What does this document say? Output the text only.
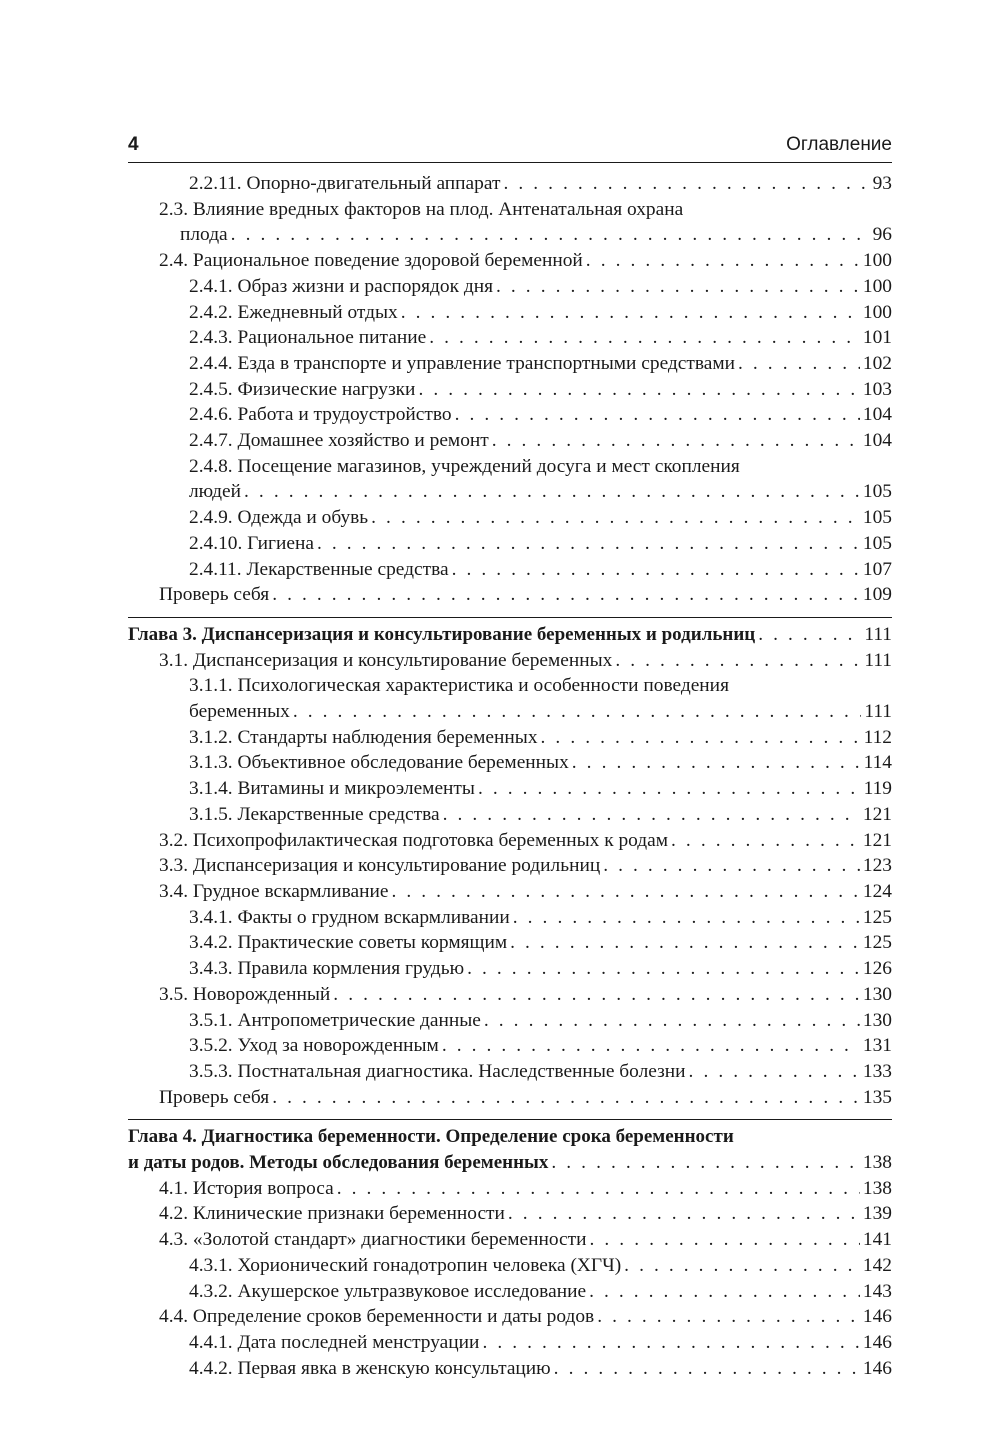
4	Оглавление
2.2.11. Опорно-двигательный аппарат . . .	93
2.3. Влияние вредных факторов на плод. Антенатальная охрана
плода . . .	96
2.4. Рациональное поведение здоровой беременной . . .	100
2.4.1. Образ жизни и распорядок дня . . .	100
2.4.2. Ежедневный отдых . . .	100
2.4.3. Рациональное питание . . .	101
2.4.4. Езда в транспорте и управление транспортными средствами . . .	102
2.4.5. Физические нагрузки . . .	103
2.4.6. Работа и трудоустройство . . .	104
2.4.7. Домашнее хозяйство и ремонт . . .	104
2.4.8. Посещение магазинов, учреждений досуга и мест скопления
людей . . .	105
2.4.9. Одежда и обувь . . .	105
2.4.10. Гигиена . . .	105
2.4.11. Лекарственные средства . . .	107
Проверь себя . . .	109
Глава 3. Диспансеризация и консультирование беременных и родильниц . . .	111
3.1. Диспансеризация и консультирование беременных . . .	111
3.1.1. Психологическая характеристика и особенности поведения
беременных . . .	111
3.1.2. Стандарты наблюдения беременных . . .	112
3.1.3. Объективное обследование беременных . . .	114
3.1.4. Витамины и микроэлементы . . .	119
3.1.5. Лекарственные средства . . .	121
3.2. Психопрофилактическая подготовка беременных к родам . . .	121
3.3. Диспансеризация и консультирование родильниц . . .	123
3.4. Грудное вскармливание . . .	124
3.4.1. Факты о грудном вскармливании . . .	125
3.4.2. Практические советы кормящим . . .	125
3.4.3. Правила кормления грудью . . .	126
3.5. Новорожденный . . .	130
3.5.1. Антропометрические данные . . .	130
3.5.2. Уход за новорожденным . . .	131
3.5.3. Постнатальная диагностика. Наследственные болезни . . .	133
Проверь себя . . .	135
Глава 4. Диагностика беременности. Определение срока беременности
и даты родов. Методы обследования беременных . . .	138
4.1. История вопроса . . .	138
4.2. Клинические признаки беременности . . .	139
4.3. «Золотой стандарт» диагностики беременности . . .	141
4.3.1. Хорионический гонадотропин человека (ХГЧ) . . .	142
4.3.2. Акушерское ультразвуковое исследование . . .	143
4.4. Определение сроков беременности и даты родов . . .	146
4.4.1. Дата последней менструации . . .	146
4.4.2. Первая явка в женскую консультацию . . .	146
